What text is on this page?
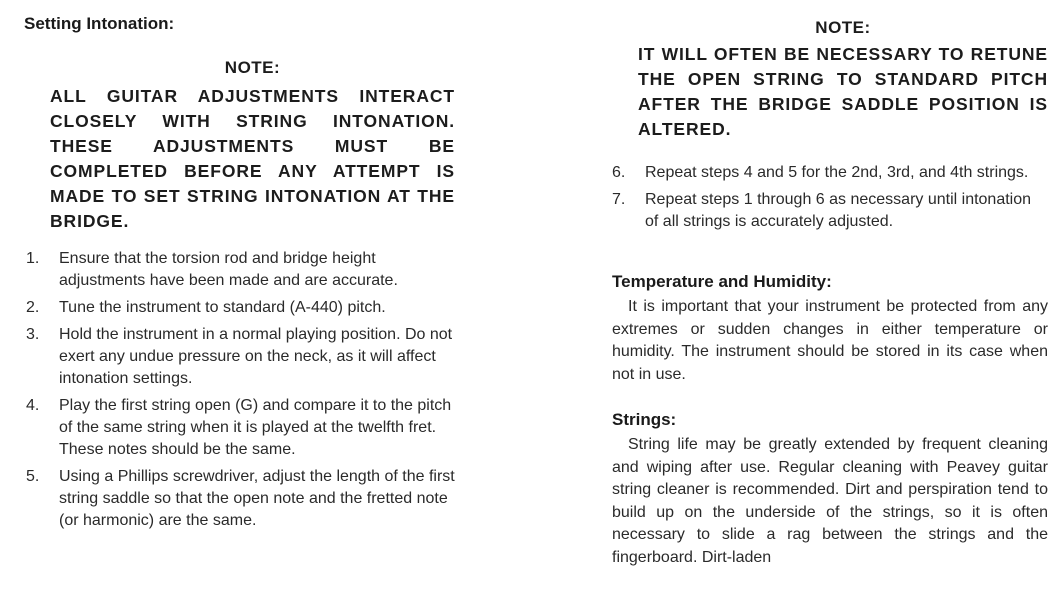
Setting Intonation:
NOTE:
ALL GUITAR ADJUSTMENTS INTERACT CLOSELY WITH STRING INTONATION. THESE ADJUSTMENTS MUST BE COMPLETED BEFORE ANY ATTEMPT IS MADE TO SET STRING INTONATION AT THE BRIDGE.
1. Ensure that the torsion rod and bridge height adjustments have been made and are accurate.
2. Tune the instrument to standard (A-440) pitch.
3. Hold the instrument in a normal playing position. Do not exert any undue pressure on the neck, as it will affect intonation settings.
4. Play the first string open (G) and compare it to the pitch of the same string when it is played at the twelfth fret. These notes should be the same.
5. Using a Phillips screwdriver, adjust the length of the first string saddle so that the open note and the fretted note (or harmonic) are the same.
NOTE:
IT WILL OFTEN BE NECESSARY TO RETUNE THE OPEN STRING TO STANDARD PITCH AFTER THE BRIDGE SADDLE POSITION IS ALTERED.
6. Repeat steps 4 and 5 for the 2nd, 3rd, and 4th strings.
7. Repeat steps 1 through 6 as necessary until intonation of all strings is accurately adjusted.
Temperature and Humidity:

It is important that your instrument be protected from any extremes or sudden changes in either temperature or humidity. The instrument should be stored in its case when not in use.

Strings:

String life may be greatly extended by frequent cleaning and wiping after use. Regular cleaning with Peavey guitar string cleaner is recommended. Dirt and perspiration tend to build up on the underside of the strings, so it is often necessary to slide a rag between the strings and the fingerboard. Dirt-laden
